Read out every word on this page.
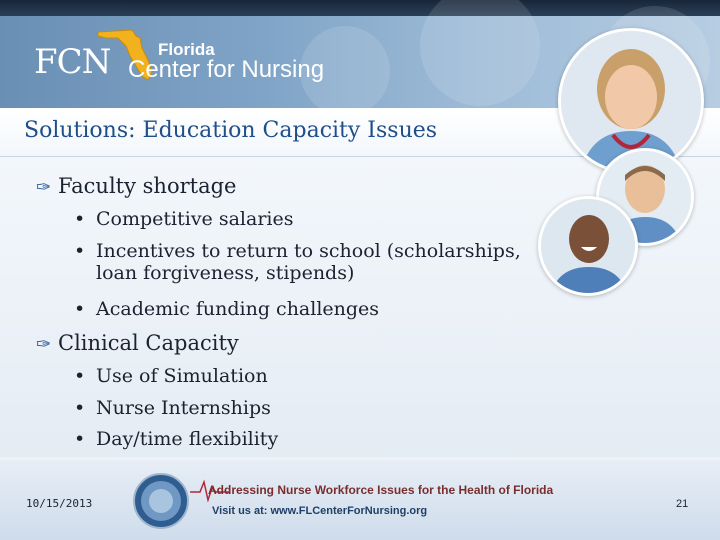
FCN	Florida
Center for Nursing
Solutions: Education Capacity Issues
✑ Faculty shortage
• Competitive salaries
• Incentives to return to school (scholarships,
loan forgiveness, stipends)
• Academic funding challenges
✑ Clinical Capacity
• Use of Simulation
• Nurse Internships
• Day/time flexibility
10/15/2013
Addressing Nurse Workforce Issues for the Health of Florida
Visit us at: www.FLCenterForNursing.org
21
